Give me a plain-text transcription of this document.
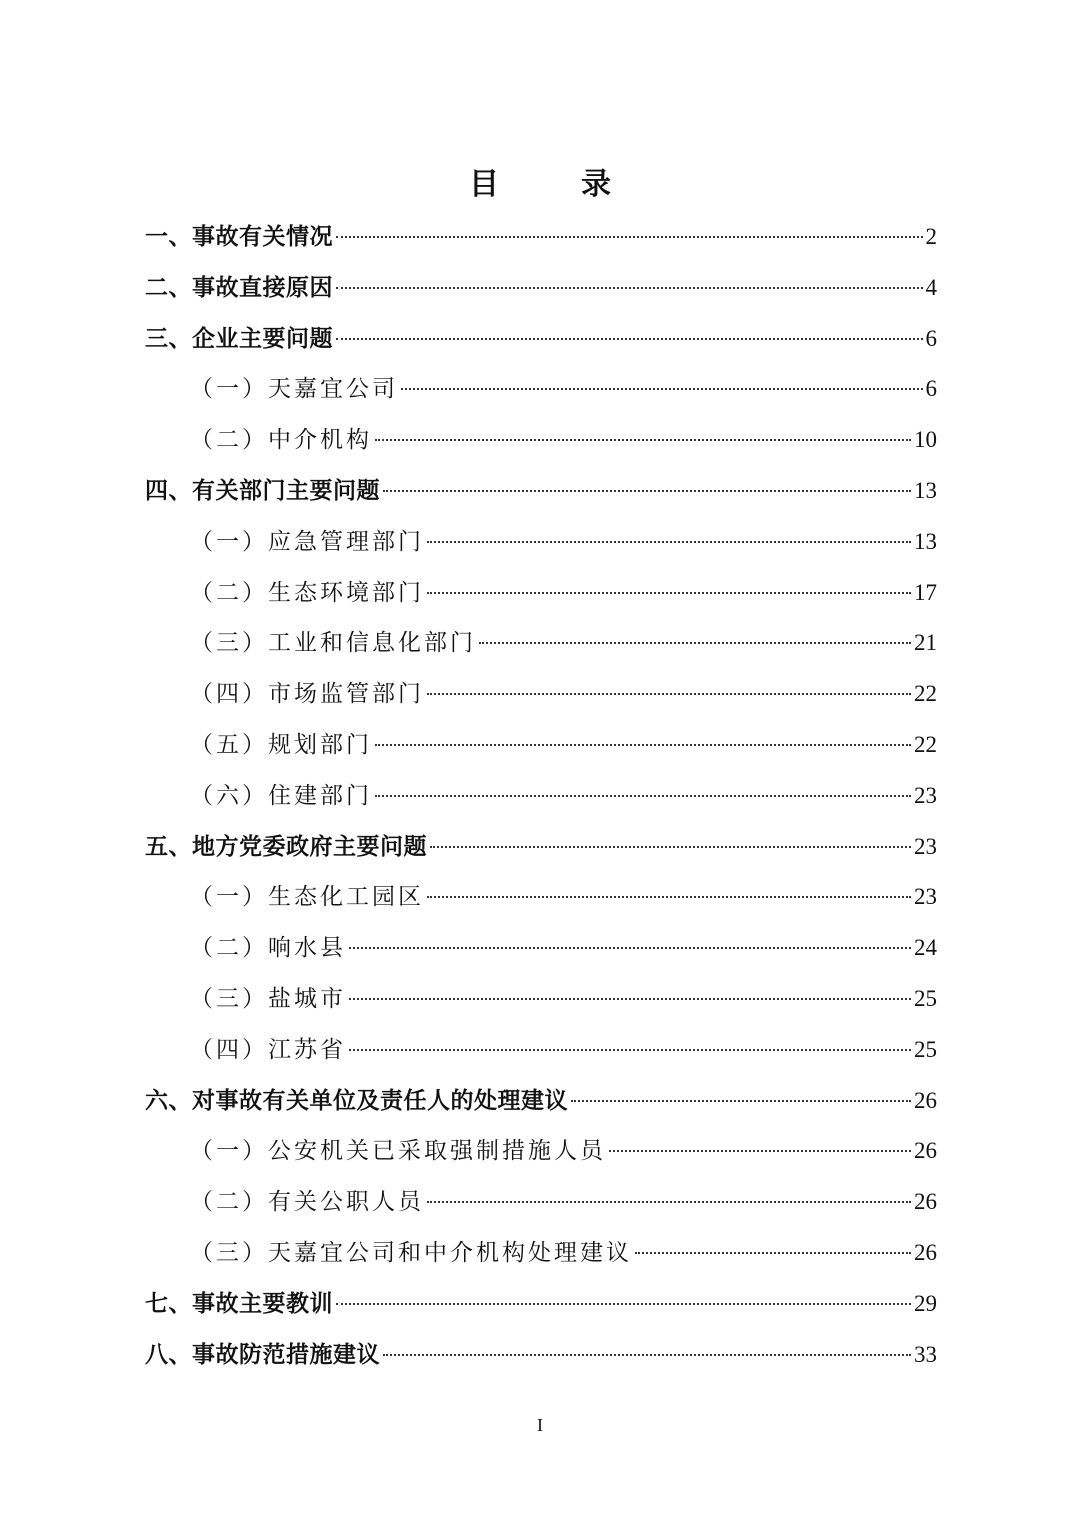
目　录
一、事故有关情况	2
二、事故直接原因	4
三、企业主要问题	6
（一）天嘉宜公司	6
（二）中介机构	10
四、有关部门主要问题	13
（一）应急管理部门	13
（二）生态环境部门	17
（三）工业和信息化部门	21
（四）市场监管部门	22
（五）规划部门	22
（六）住建部门	23
五、地方党委政府主要问题	23
（一）生态化工园区	23
（二）响水县	24
（三）盐城市	25
（四）江苏省	25
六、对事故有关单位及责任人的处理建议	26
（一）公安机关已采取强制措施人员	26
（二）有关公职人员	26
（三）天嘉宜公司和中介机构处理建议	26
七、事故主要教训	29
八、事故防范措施建议	33
I
